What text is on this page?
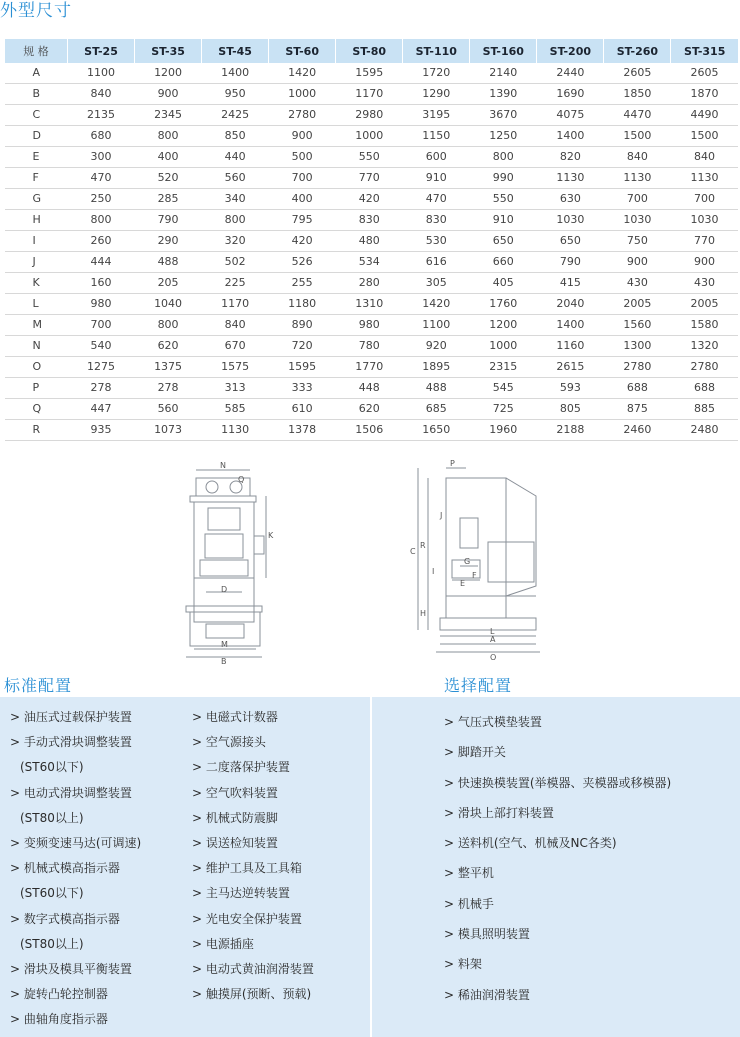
外型尺寸
规 格	ST-25	ST-35	ST-45	ST-60	ST-80	ST-110	ST-160	ST-200	ST-260	ST-315
A	1100	1200	1400	1420	1595	1720	2140	2440	2605	2605
B	840	900	950	1000	1170	1290	1390	1690	1850	1870
C	2135	2345	2425	2780	2980	3195	3670	4075	4470	4490
D	680	800	850	900	1000	1150	1250	1400	1500	1500
E	300	400	440	500	550	600	800	820	840	840
F	470	520	560	700	770	910	990	1130	1130	1130
G	250	285	340	400	420	470	550	630	700	700
H	800	790	800	795	830	830	910	1030	1030	1030
I	260	290	320	420	480	530	650	650	750	770
J	444	488	502	526	534	616	660	790	900	900
K	160	205	225	255	280	305	405	415	430	430
L	980	1040	1170	1180	1310	1420	1760	2040	2005	2005
M	700	800	840	890	980	1100	1200	1400	1560	1580
N	540	620	670	720	780	920	1000	1160	1300	1320
O	1275	1375	1575	1595	1770	1895	2315	2615	2780	2780
P	278	278	313	333	448	488	545	593	688	688
Q	447	560	585	610	620	685	725	805	875	885
R	935	1073	1130	1378	1506	1650	1960	2188	2460	2480
N
Q
K
D
M
B
P
C
R
J
I
G
F
E
H
L
A
O
标准配置	选择配置
> 油压式过载保护装置
> 手动式滑块调整装置
(ST60以下)
> 电动式滑块调整装置
(ST80以上)
> 变频变速马达(可调速)
> 机械式模高指示器
(ST60以下)
> 数字式模高指示器
(ST80以上)
> 滑块及模具平衡装置
> 旋转凸轮控制器
> 曲轴角度指示器
> 电磁式计数器
> 空气源接头
> 二度落保护装置
> 空气吹料装置
> 机械式防震脚
> 误送检知装置
> 维护工具及工具箱
> 主马达逆转装置
> 光电安全保护装置
> 电源插座
> 电动式黄油润滑装置
> 触摸屏(预断、预载)
> 气压式模垫装置
> 脚踏开关
> 快速换模装置(举模器、夹模器或移模器)
> 滑块上部打料装置
> 送料机(空气、机械及NC各类)
> 整平机
> 机械手
> 模具照明装置
> 料架
> 稀油润滑装置
